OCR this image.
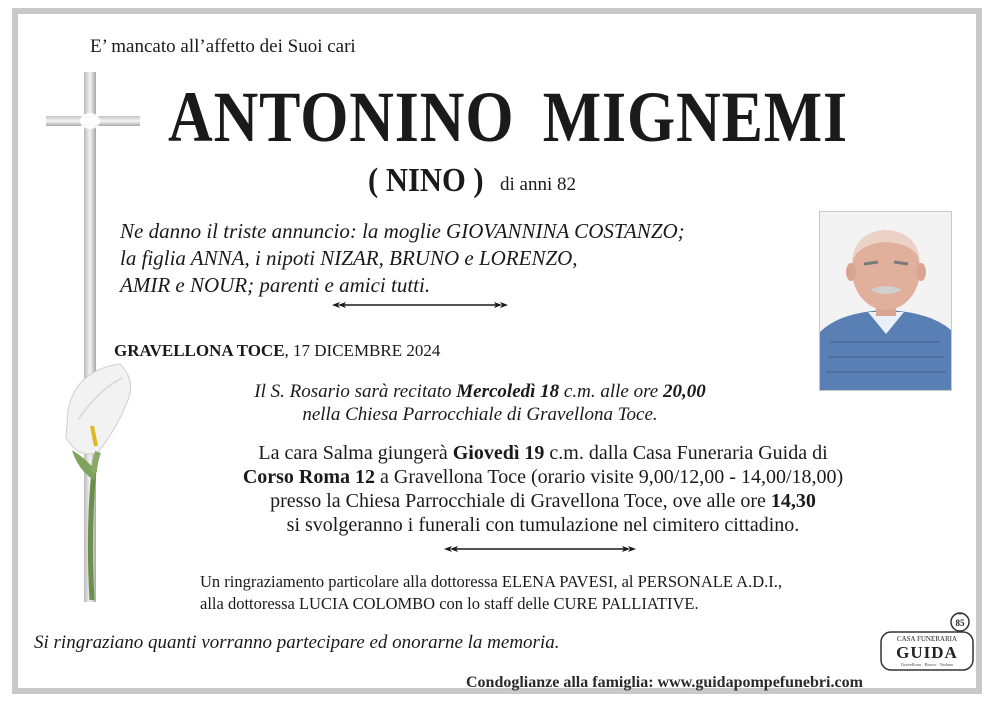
E’ mancato all’affetto dei Suoi cari
ANTONINO MIGNEMI
( NINO ) di anni 82
Ne danno il triste annuncio: la moglie GIOVANNINA COSTANZO;
la figlia ANNA, i nipoti NIZAR, BRUNO e LORENZO,
AMIR e NOUR; parenti e amici tutti.
GRAVELLONA TOCE, 17 DICEMBRE 2024
Il S. Rosario sarà recitato Mercoledì 18 c.m. alle ore 20,00
nella Chiesa Parrocchiale di Gravellona Toce.
La cara Salma giungerà Giovedì 19 c.m. dalla Casa Funeraria Guida di
Corso Roma 12 a Gravellona Toce (orario visite 9,00/12,00 - 14,00/18,00)
presso la Chiesa Parrocchiale di Gravellona Toce, ove alle ore 14,30
si svolgeranno i funerali con tumulazione nel cimitero cittadino.
Un ringraziamento particolare alla dottoressa ELENA PAVESI, al PERSONALE A.D.I.,
alla dottoressa LUCIA COLOMBO con lo staff delle CURE PALLIATIVE.
Si ringraziano quanti vorranno partecipare ed onorarne la memoria.
85
CASA FUNERARIA
GUIDA
Gravellona · Bosco · Vedano
Condoglianze alla famiglia: www.guidapompefunebri.com
